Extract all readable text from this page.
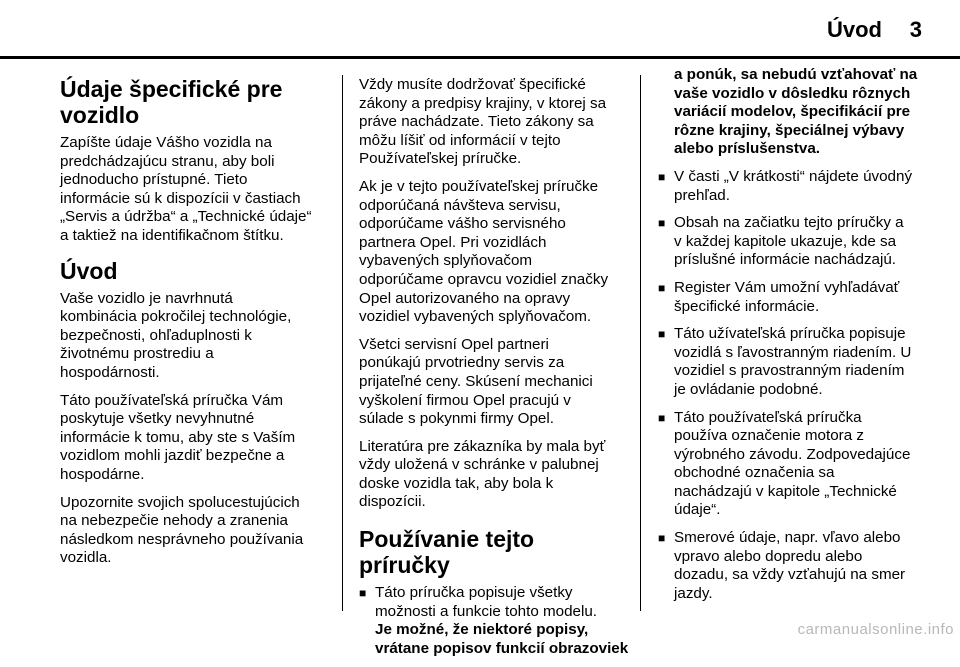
Úvod 3
Údaje špecifické pre
vozidlo

Zapíšte údaje Vášho vozidla na
predchádzajúcu stranu, aby boli
jednoducho prístupné. Tieto
informácie sú k dispozícii v častiach
„Servis a údržba“ a „Technické údaje“
a taktiež na identifikačnom štítku.

Úvod

Vaše vozidlo je navrhnutá
kombinácia pokročilej technológie,
bezpečnosti, ohľaduplnosti k
životnému prostrediu a
hospodárnosti.

Táto používateľská príručka Vám
poskytuje všetky nevyhnutné
informácie k tomu, aby ste s Vaším
vozidlom mohli jazdiť bezpečne a
hospodárne.

Upozornite svojich spolucestujúcich
na nebezpečie nehody a zranenia
následkom nesprávneho používania
vozidla.

Vždy musíte dodržovať špecifické
zákony a predpisy krajiny, v ktorej sa
práve nachádzate. Tieto zákony sa
môžu líšiť od informácií v tejto
Používateľskej príručke.

Ak je v tejto používateľskej príručke
odporúčaná návšteva servisu,
odporúčame vášho servisného
partnera Opel. Pri vozidlách
vybavených splyňovačom
odporúčame opravcu vozidiel značky
Opel autorizovaného na opravy
vozidiel vybavených splyňovačom.

Všetci servisní Opel partneri
ponúkajú prvotriedny servis za
prijateľné ceny. Skúsení mechanici
vyškolení firmou Opel pracujú v
súlade s pokynmi firmy Opel.

Literatúra pre zákazníka by mala byť
vždy uložená v schránke v palubnej
doske vozidla tak, aby bola k
dispozícii.

Používanie tejto príručky
■ Táto príručka popisuje všetky
možnosti a funkcie tohto modelu.
Je možné, že niektoré popisy,
vrátane popisov funkcií obrazoviek
a ponúk, sa nebudú vzťahovať na
vaše vozidlo v dôsledku rôznych
variácií modelov, špecifikácií pre
rôzne krajiny, špeciálnej výbavy
alebo príslušenstva.
■ V časti „V krátkosti“ nájdete úvodný
prehľad.
■ Obsah na začiatku tejto príručky a
v každej kapitole ukazuje, kde sa
príslušné informácie nachádzajú.
■ Register Vám umožní vyhľadávať
špecifické informácie.
■ Táto užívateľská príručka popisuje
vozidlá s ľavostranným riadením. U
vozidiel s pravostranným riadením
je ovládanie podobné.
■ Táto používateľská príručka
používa označenie motora z
výrobného závodu. Zodpovedajúce
obchodné označenia sa
nachádzajú v kapitole „Technické
údaje“.
■ Smerové údaje, napr. vľavo alebo
vpravo alebo dopredu alebo
dozadu, sa vždy vzťahujú na smer
jazdy.
carmanualsonline.info
